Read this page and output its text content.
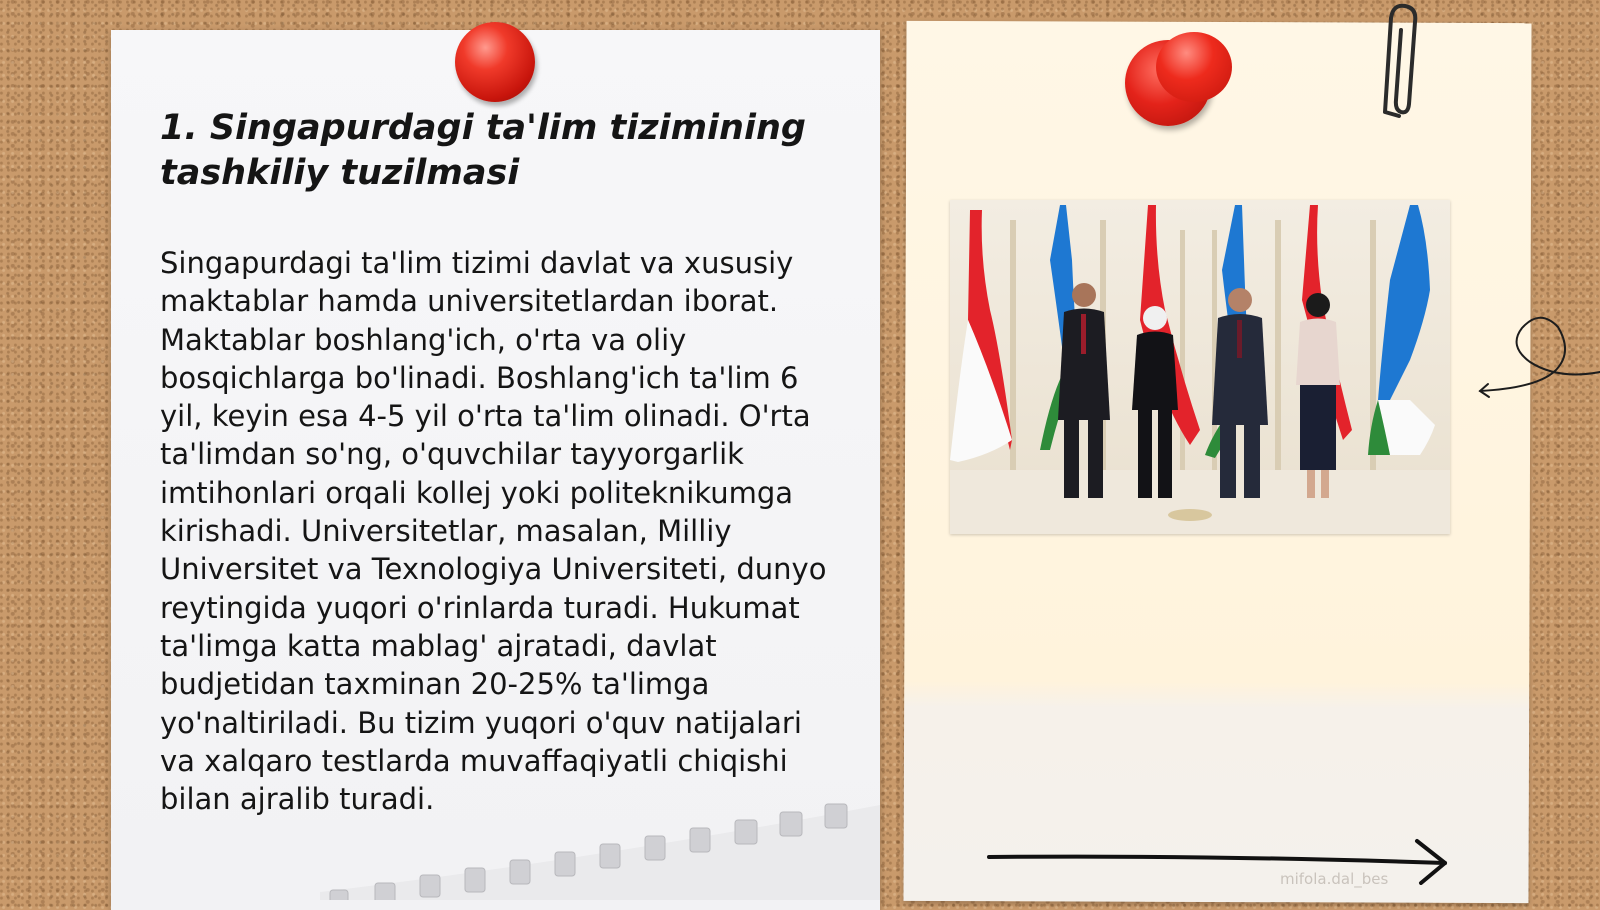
1. Singapurdagi ta'lim tizimining tashkiliy tuzilmasi

Singapurdagi ta'lim tizimi davlat va xususiy maktablar hamda universitetlardan iborat. Maktablar boshlang'ich, o'rta va oliy bosqichlarga bo'linadi. Boshlang'ich ta'lim 6 yil, keyin esa 4-5 yil o'rta ta'lim olinadi. O'rta ta'limdan so'ng, o'quvchilar tayyorgarlik imtihonlari orqali kollej yoki politeknikumga kirishadi. Universitetlar, masalan, Milliy Universitet va Texnologiya Universiteti, dunyo reytingida yuqori o'rinlarda turadi. Hukumat ta'limga katta mablag' ajratadi, davlat budjetidan taxminan 20-25% ta'limga yo'naltiriladi. Bu tizim yuqori o'quv natijalari va xalqaro testlarda muvaffaqiyatli chiqishi bilan ajralib turadi.

mifola.dal_bes
